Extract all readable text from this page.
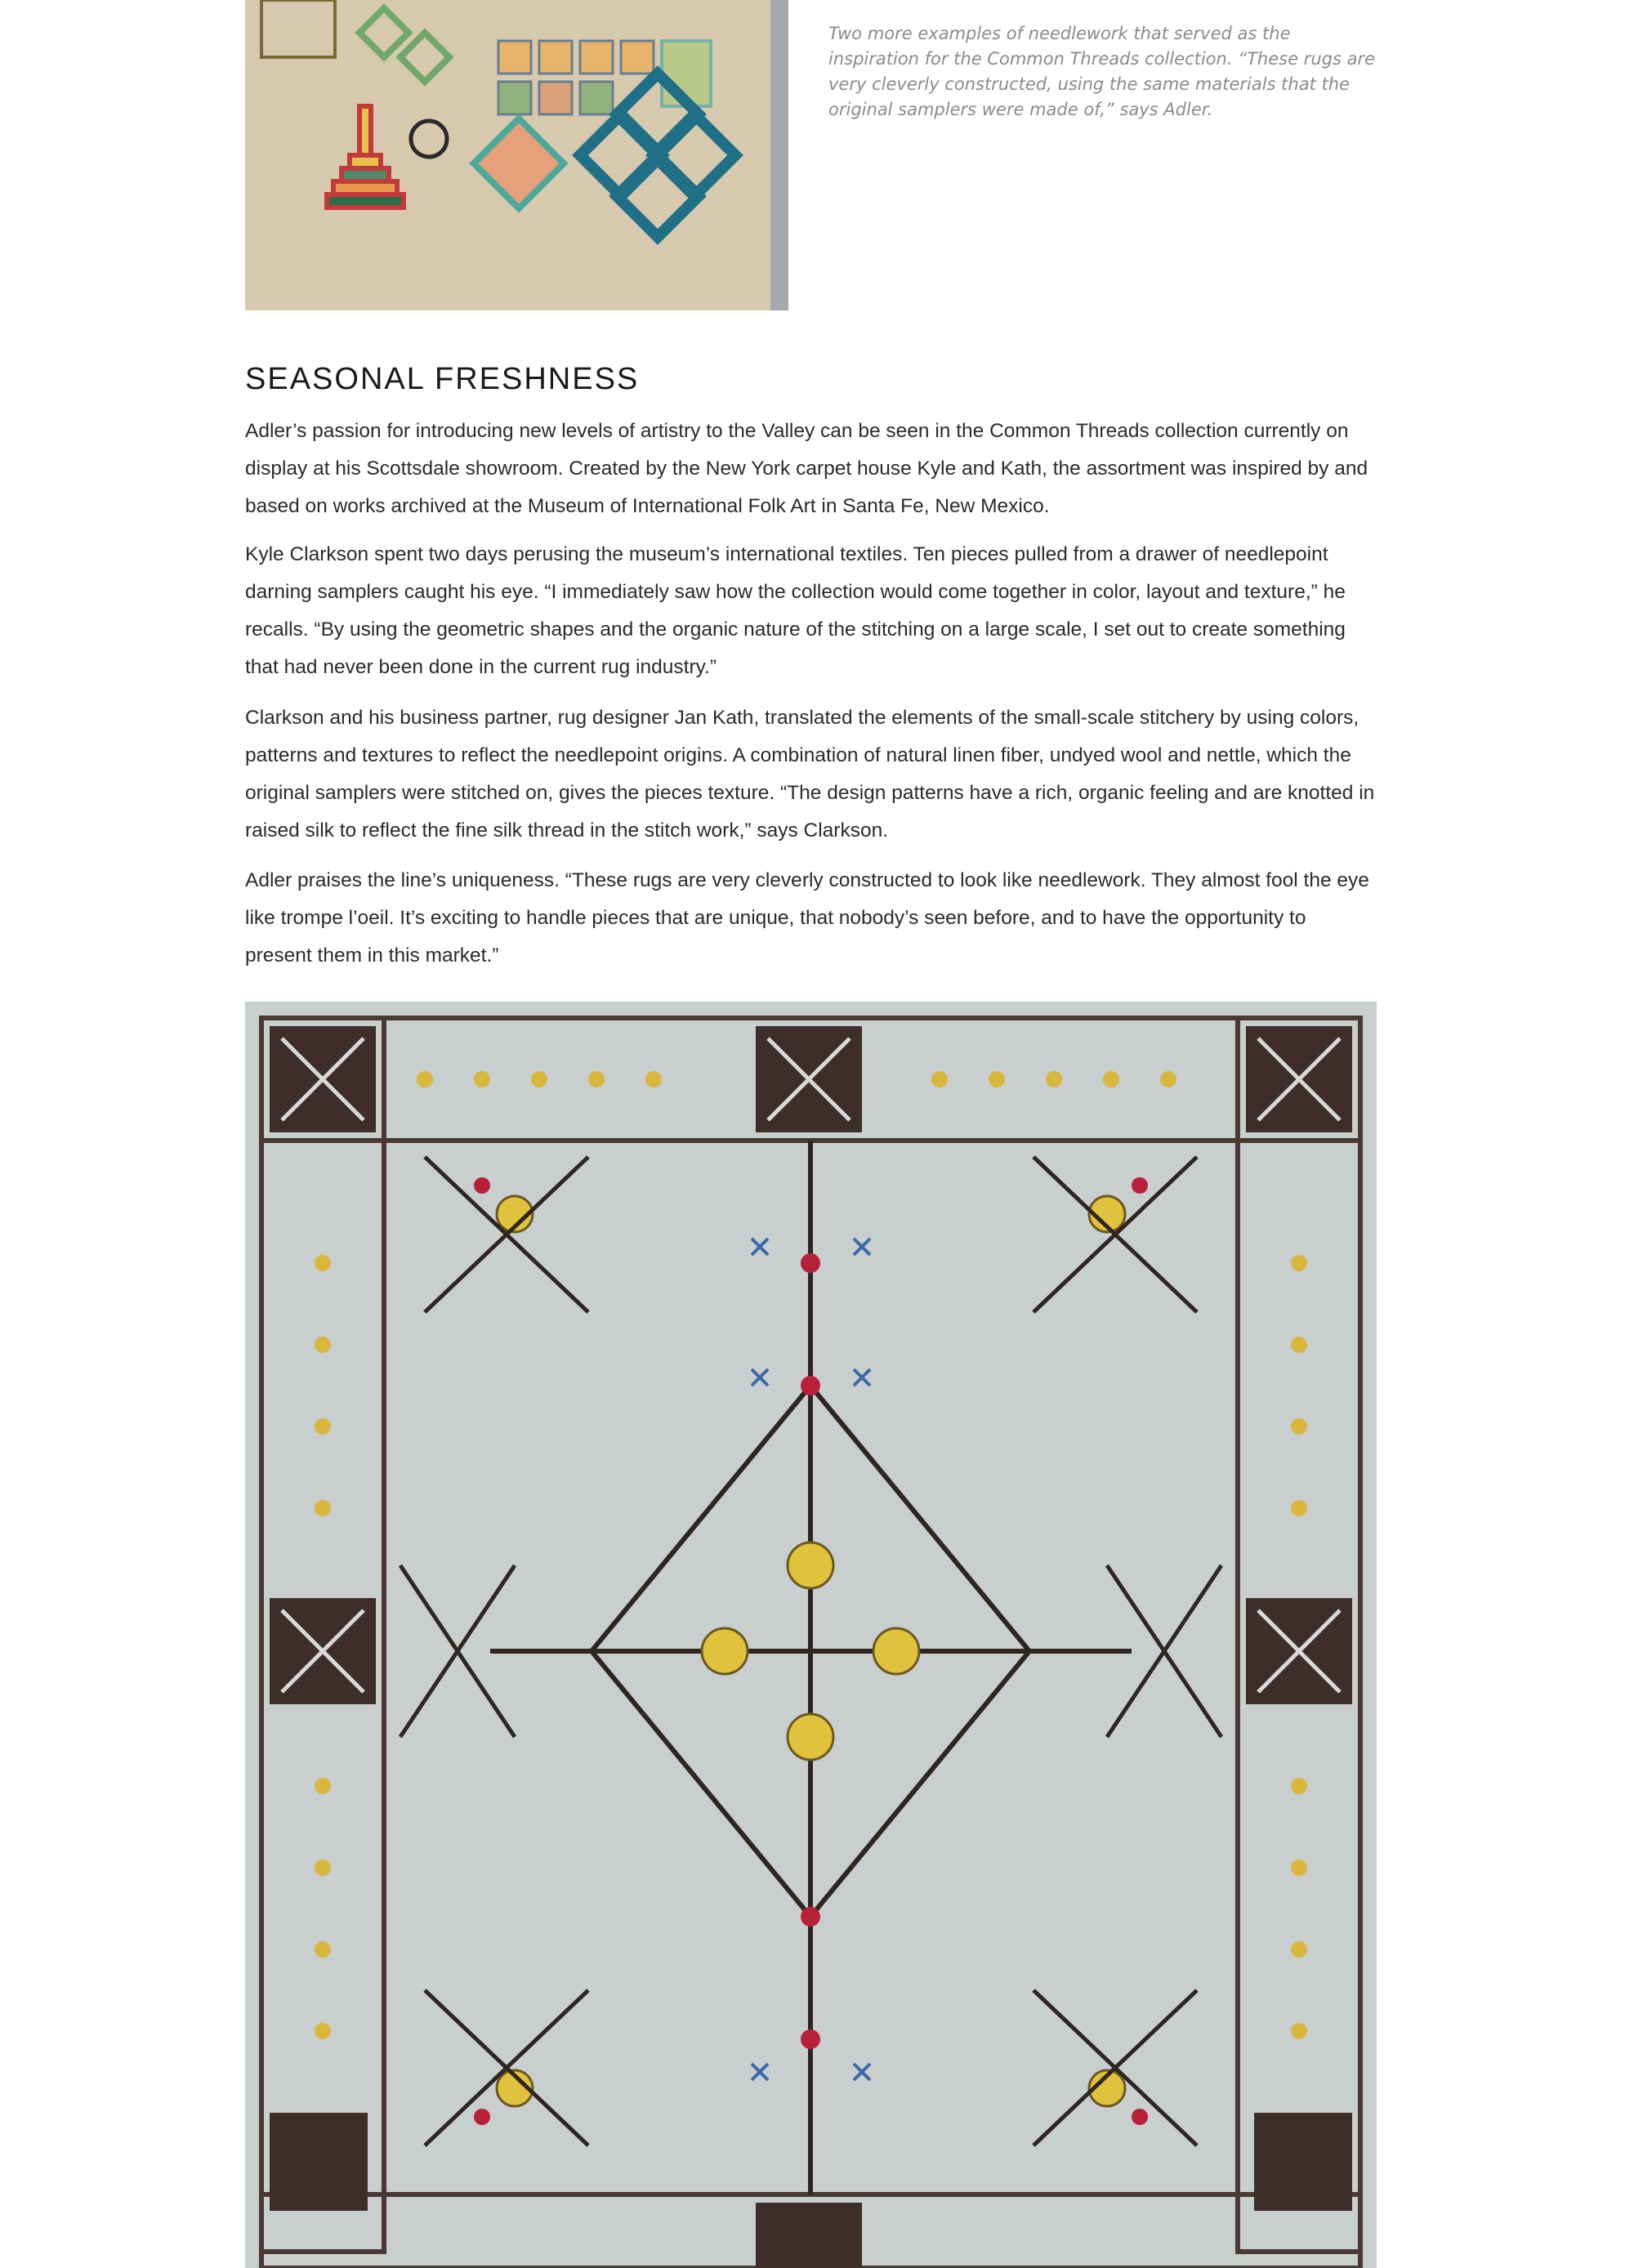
Two more examples of needlework that served as the inspiration for the Common Threads collection. “These rugs are very cleverly constructed, using the same materials that the original samplers were made of,” says Adler.
SEASONAL FRESHNESS

Adler’s passion for introducing new levels of artistry to the Valley can be seen in the Common Threads collection currently on display at his Scottsdale showroom. Created by the New York carpet house Kyle and Kath, the assortment was inspired by and based on works archived at the Museum of International Folk Art in Santa Fe, New Mexico.

Kyle Clarkson spent two days perusing the museum’s international textiles. Ten pieces pulled from a drawer of needlepoint darning samplers caught his eye. “I immediately saw how the collection would come together in color, layout and texture,” he recalls. “By using the geometric shapes and the organic nature of the stitching on a large scale, I set out to create something that had never been done in the current rug industry.”

Clarkson and his business partner, rug designer Jan Kath, translated the elements of the small-scale stitchery by using colors, patterns and textures to reflect the needlepoint origins. A combination of natural linen fiber, undyed wool and nettle, which the original samplers were stitched on, gives the pieces texture. “The design patterns have a rich, organic feeling and are knotted in raised silk to reflect the fine silk thread in the stitch work,” says Clarkson.

Adler praises the line’s uniqueness. “These rugs are very cleverly constructed to look like needlework. They almost fool the eye like trompe l’oeil. It’s exciting to handle pieces that are unique, that nobody’s seen before, and to have the opportunity to present them in this market.”
